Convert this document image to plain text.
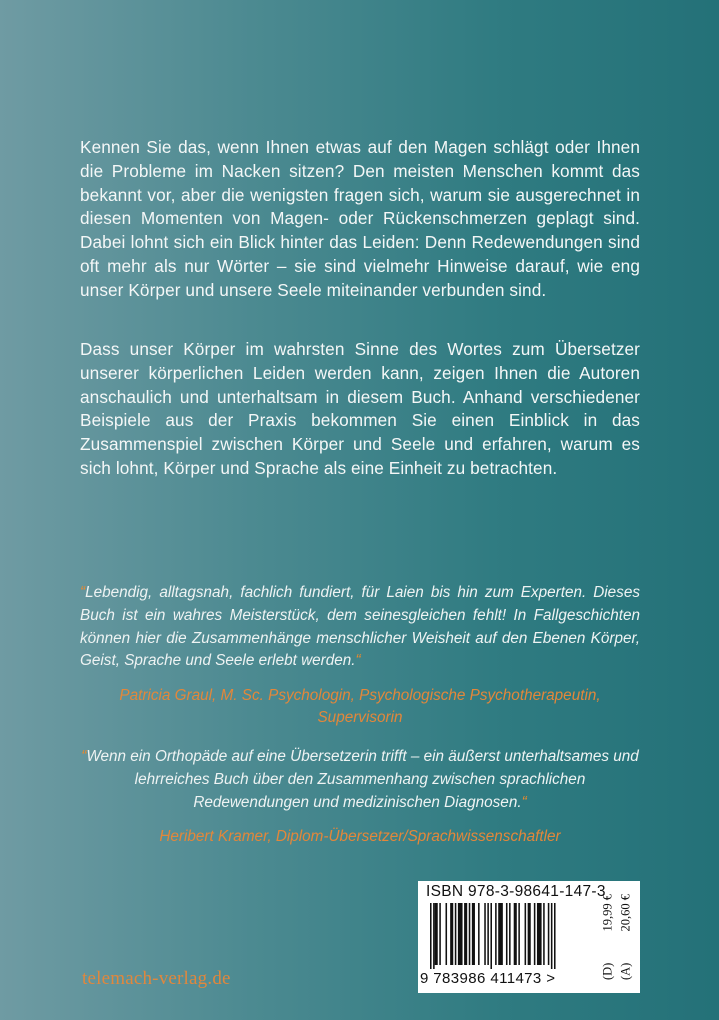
Kennen Sie das, wenn Ihnen etwas auf den Magen schlägt oder Ihnen die Probleme im Nacken sitzen? Den meisten Menschen kommt das bekannt vor, aber die wenigsten fragen sich, warum sie ausgerechnet in diesen Momenten von Magen- oder Rückenschmerzen geplagt sind. Dabei lohnt sich ein Blick hinter das Leiden: Denn Redewendungen sind oft mehr als nur Wörter – sie sind vielmehr Hinweise darauf, wie eng unser Körper und unsere Seele miteinander verbunden sind.

Dass unser Körper im wahrsten Sinne des Wortes zum Übersetzer unserer körperlichen Leiden werden kann, zeigen Ihnen die Autoren anschaulich und unterhaltsam in diesem Buch. Anhand verschiedener Beispiele aus der Praxis bekommen Sie einen Einblick in das Zusammenspiel zwischen Körper und Seele und erfahren, warum es sich lohnt, Körper und Sprache als eine Einheit zu betrachten.

“Lebendig, alltagsnah, fachlich fundiert, für Laien bis hin zum Experten. Dieses Buch ist ein wahres Meisterstück, dem seinesgleichen fehlt! In Fallgeschichten können hier die Zusammenhänge menschlicher Weisheit auf den Ebenen Körper, Geist, Sprache und Seele erlebt werden.“

Patricia Graul, M. Sc. Psychologin, Psychologische Psychotherapeutin, Supervisorin

“Wenn ein Orthopäde auf eine Übersetzerin trifft – ein äußerst unterhaltsames und lehrreiches Buch über den Zusammenhang zwischen sprachlichen Redewendungen und medizinischen Diagnosen.“

Heribert Kramer, Diplom-Übersetzer/Sprachwissenschaftler
ISBN 978-3-98641-147-3
9 783986 411473 >	(D)          19,99 €
(A)          20,60 €
telemach-verlag.de
